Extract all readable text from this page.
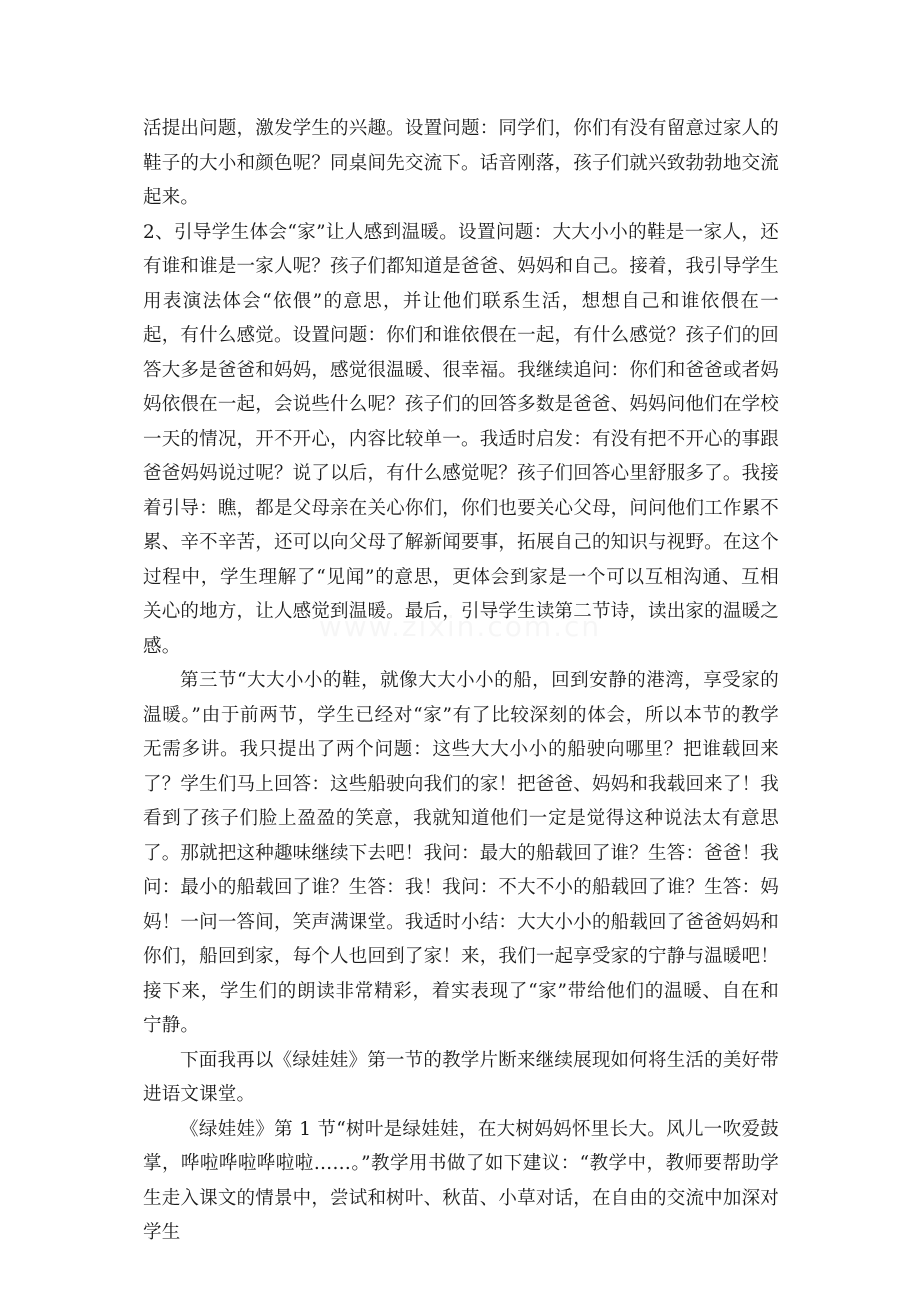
活提出问题，激发学生的兴趣。设置问题：同学们，你们有没有留意过家人的鞋子的大小和颜色呢？同桌间先交流下。话音刚落，孩子们就兴致勃勃地交流起来。

2、引导学生体会“家”让人感到温暖。设置问题：大大小小的鞋是一家人，还有谁和谁是一家人呢？孩子们都知道是爸爸、妈妈和自己。接着，我引导学生用表演法体会“依偎”的意思，并让他们联系生活，想想自己和谁依偎在一起，有什么感觉。设置问题：你们和谁依偎在一起，有什么感觉？孩子们的回答大多是爸爸和妈妈，感觉很温暖、很幸福。我继续追问：你们和爸爸或者妈妈依偎在一起，会说些什么呢？孩子们的回答多数是爸爸、妈妈问他们在学校一天的情况，开不开心，内容比较单一。我适时启发：有没有把不开心的事跟爸爸妈妈说过呢？说了以后，有什么感觉呢？孩子们回答心里舒服多了。我接着引导：瞧，都是父母亲在关心你们，你们也要关心父母，问问他们工作累不累、辛不辛苦，还可以向父母了解新闻要事，拓展自己的知识与视野。在这个过程中，学生理解了“见闻”的意思，更体会到家是一个可以互相沟通、互相关心的地方，让人感觉到温暖。最后，引导学生读第二节诗，读出家的温暖之感。

第三节“大大小小的鞋，就像大大小小的船，回到安静的港湾，享受家的温暖。”由于前两节，学生已经对“家”有了比较深刻的体会，所以本节的教学无需多讲。我只提出了两个问题：这些大大小小的船驶向哪里？把谁载回来了？学生们马上回答：这些船驶向我们的家！把爸爸、妈妈和我载回来了！我看到了孩子们脸上盈盈的笑意，我就知道他们一定是觉得这种说法太有意思了。那就把这种趣味继续下去吧！我问：最大的船载回了谁？生答：爸爸！我问：最小的船载回了谁？生答：我！我问：不大不小的船载回了谁？生答：妈妈！一问一答间，笑声满课堂。我适时小结：大大小小的船载回了爸爸妈妈和你们，船回到家，每个人也回到了家！来，我们一起享受家的宁静与温暖吧！接下来，学生们的朗读非常精彩，着实表现了“家”带给他们的温暖、自在和宁静。

下面我再以《绿娃娃》第一节的教学片断来继续展现如何将生活的美好带进语文课堂。

《绿娃娃》第 1 节“树叶是绿娃娃，在大树妈妈怀里长大。风儿一吹爱鼓掌，哗啦哗啦哗啦啦……。”教学用书做了如下建议：“教学中，教师要帮助学生走入课文的情景中，尝试和树叶、秋苗、小草对话，在自由的交流中加深对学生
